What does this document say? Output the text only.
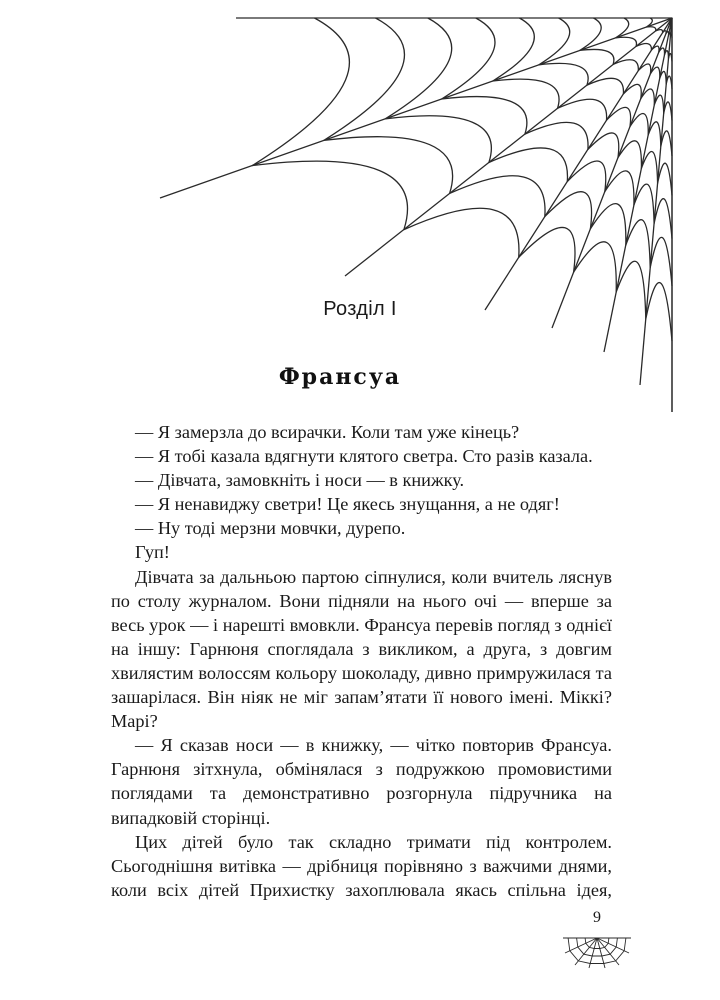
Розділ I
Франсуа

— Я замерзла до всирачки. Коли там уже кінець?

— Я тобі казала вдягнути клятого светра. Сто разів казала.

— Дівчата, замовкніть і носи — в книжку.

— Я ненавиджу светри! Це якесь знущання, а не одяг!

— Ну тоді мерзни мовчки, дурепо.

Гуп!

Дівчата за дальньою партою сіпнулися, коли вчитель ляснув по столу журналом. Вони підняли на нього очі — вперше за весь урок — і нарешті вмовкли. Франсуа перевів погляд з однієї на іншу: Гарнюня споглядала з викликом, а друга, з довгим хвилястим волоссям кольору шоколаду, дивно примружилася та зашарілася. Він ніяк не міг запам’ятати її нового імені. Міккі? Марі?

— Я сказав носи — в книжку, — чітко повторив Франсуа. Гарнюня зітхнула, обмінялася з подружкою промовистими поглядами та демонстративно розгорнула підручника на випадковій сторінці.

Цих дітей було так складно тримати під контролем. Сьогоднішня витівка — дрібниця порівняно з важчими днями, коли всіх дітей Прихистку захоплювала якась спільна ідея,

9
